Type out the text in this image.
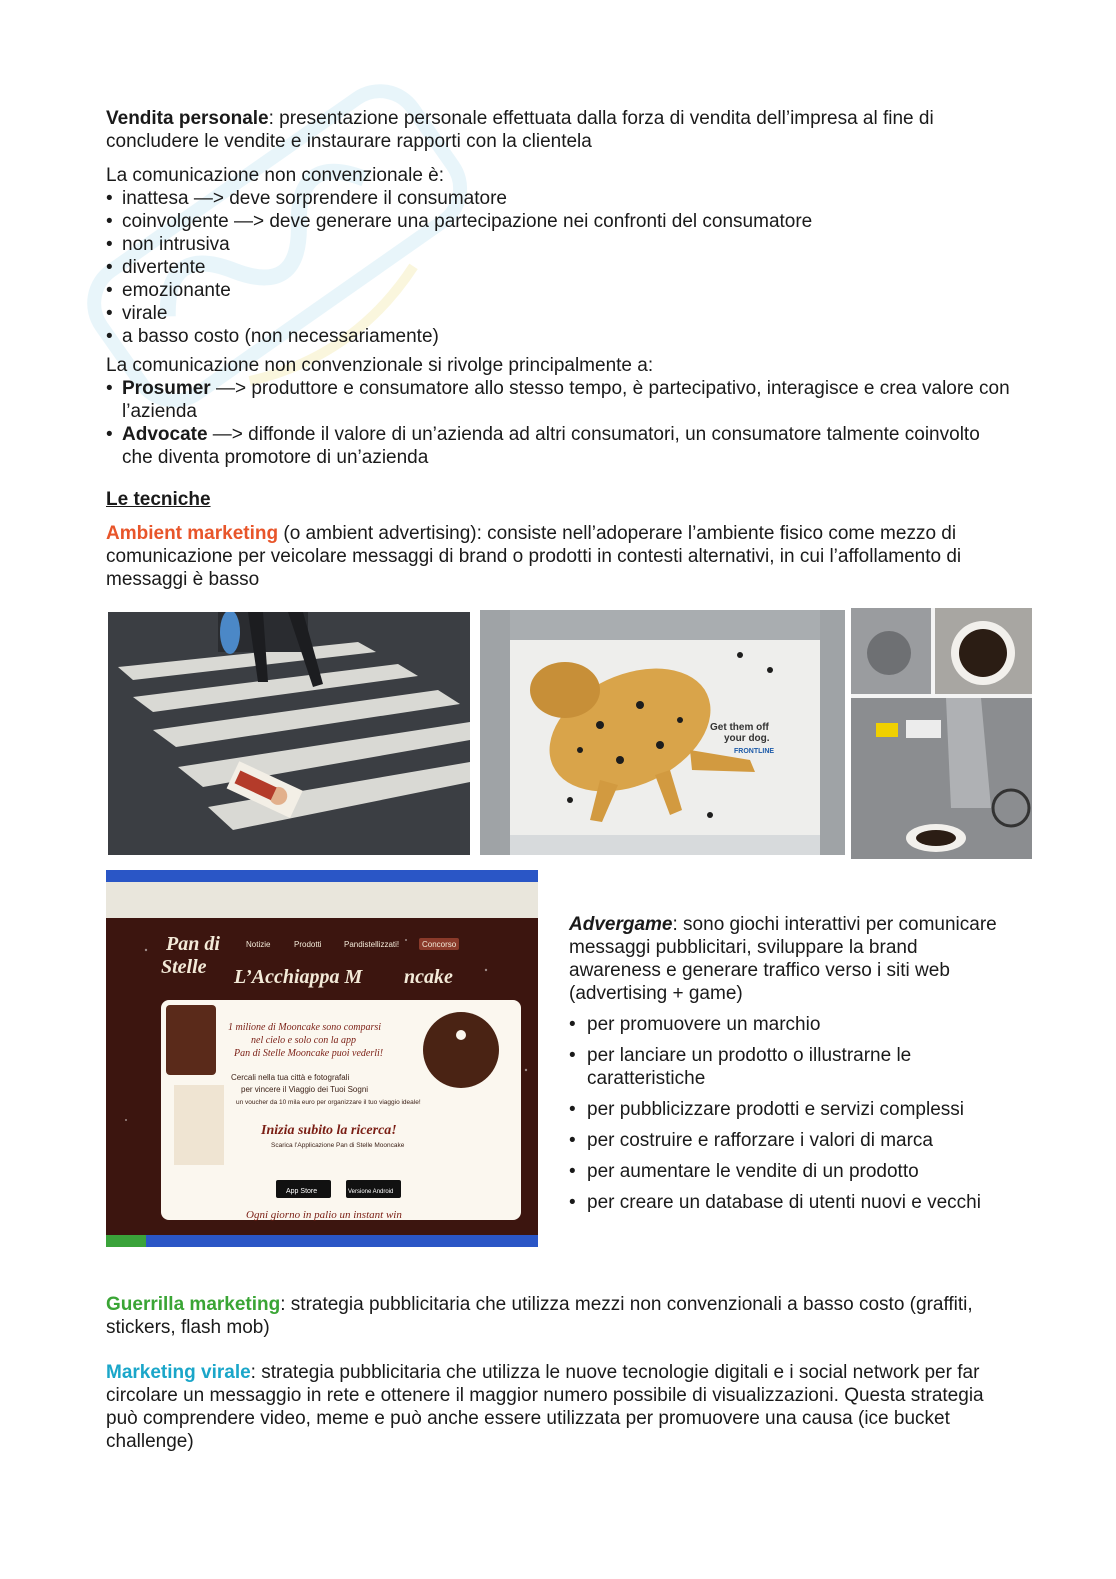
Vendita personale: presentazione personale effettuata dalla forza di vendita dell’impresa al fine di concludere le vendite e instaurare rapporti con la clientela

La comunicazione non convenzionale è:

• inattesa —> deve sorprendere il consumatore
• coinvolgente —> deve generare una partecipazione nei confronti del consumatore
• non intrusiva
• divertente
• emozionante
• virale
• a basso costo (non necessariamente)

La comunicazione non convenzionale si rivolge principalmente a:

• Prosumer —> produttore e consumatore allo stesso tempo, è partecipativo, interagisce e crea valore con l’azienda
• Advocate —> diffonde il valore di un’azienda ad altri consumatori, un consumatore talmente coinvolto che diventa promotore di un’azienda

Le tecniche

Ambient marketing (o ambient advertising): consiste nell’adoperare l’ambiente fisico come mezzo di comunicazione per veicolare messaggi di brand o prodotti in contesti alternativi, in cui l’affollamento di messaggi è basso

Get them off
your dog.
FRONTLINE
Pan di
Stelle
Notizie	Prodotti	Pandistellizzati!	Concorso
L’Acchiappa M ncake
1 milione di Mooncake sono comparsi
nel cielo e solo con la app
Pan di Stelle Mooncake puoi vederli!
Cercali nella tua città e fotografali
per vincere il Viaggio dei Tuoi Sogni
un voucher da 10 mila euro per organizzare il tuo viaggio ideale!
Inizia subito la ricerca!
Scarica l’Applicazione Pan di Stelle Mooncake
App Store	Versione Android
Ogni giorno in palio un instant win

Advergame: sono giochi interattivi per comunicare messaggi pubblicitari, sviluppare la brand awareness e generare traffico verso i siti web (advertising + game)

• per promuovere un marchio
• per lanciare un prodotto o illustrarne le caratteristiche
• per pubblicizzare prodotti e servizi complessi
• per costruire e rafforzare i valori di marca
• per aumentare le vendite di un prodotto
• per creare un database di utenti nuovi e vecchi

Guerrilla marketing: strategia pubblicitaria che utilizza mezzi non convenzionali a basso costo (graffiti, stickers, flash mob)

Marketing virale: strategia pubblicitaria che utilizza le nuove tecnologie digitali e i social network per far circolare un messaggio in rete e ottenere il maggior numero possibile di visualizzazioni. Questa strategia può comprendere video, meme e può anche essere utilizzata per promuovere una causa (ice bucket challenge)
